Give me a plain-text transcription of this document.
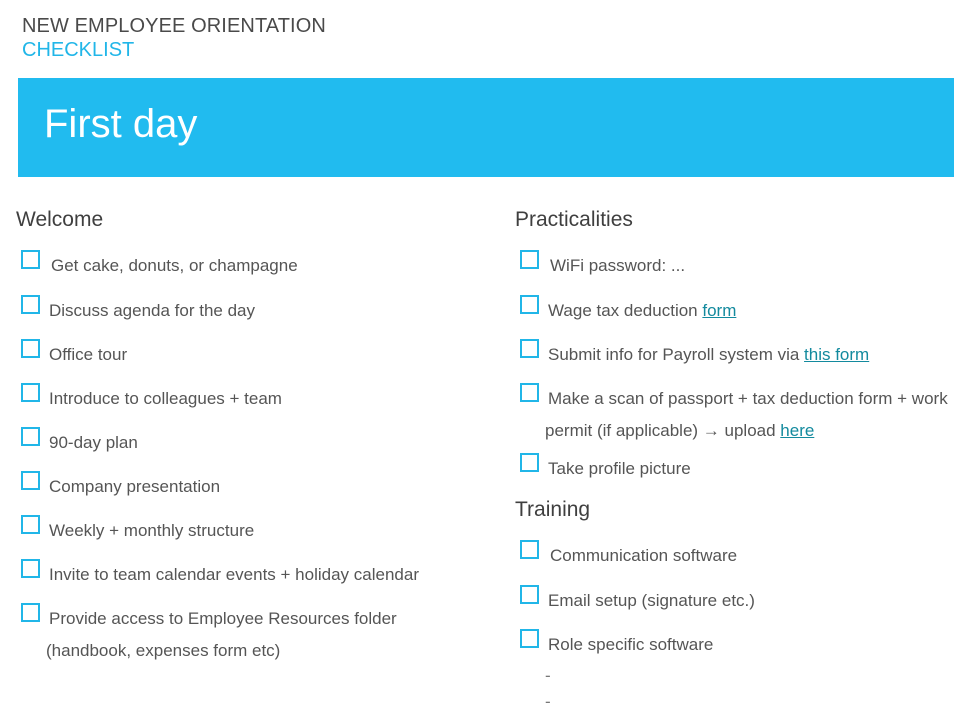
NEW EMPLOYEE ORIENTATION
CHECKLIST
First day
Welcome
Get cake, donuts, or champagne
Discuss agenda for the day
Office tour
Introduce to colleagues + team
90-day plan
Company presentation
Weekly + monthly structure
Invite to team calendar events + holiday calendar
Provide access to Employee Resources folder
(handbook, expenses form etc)
Practicalities
WiFi password: ...
Wage tax deduction form
Submit info for Payroll system via this form
Make a scan of passport + tax deduction form + work
permit (if applicable) → upload here
Take profile picture
Training
Communication software
Email setup (signature etc.)
Role specific software
-
-
